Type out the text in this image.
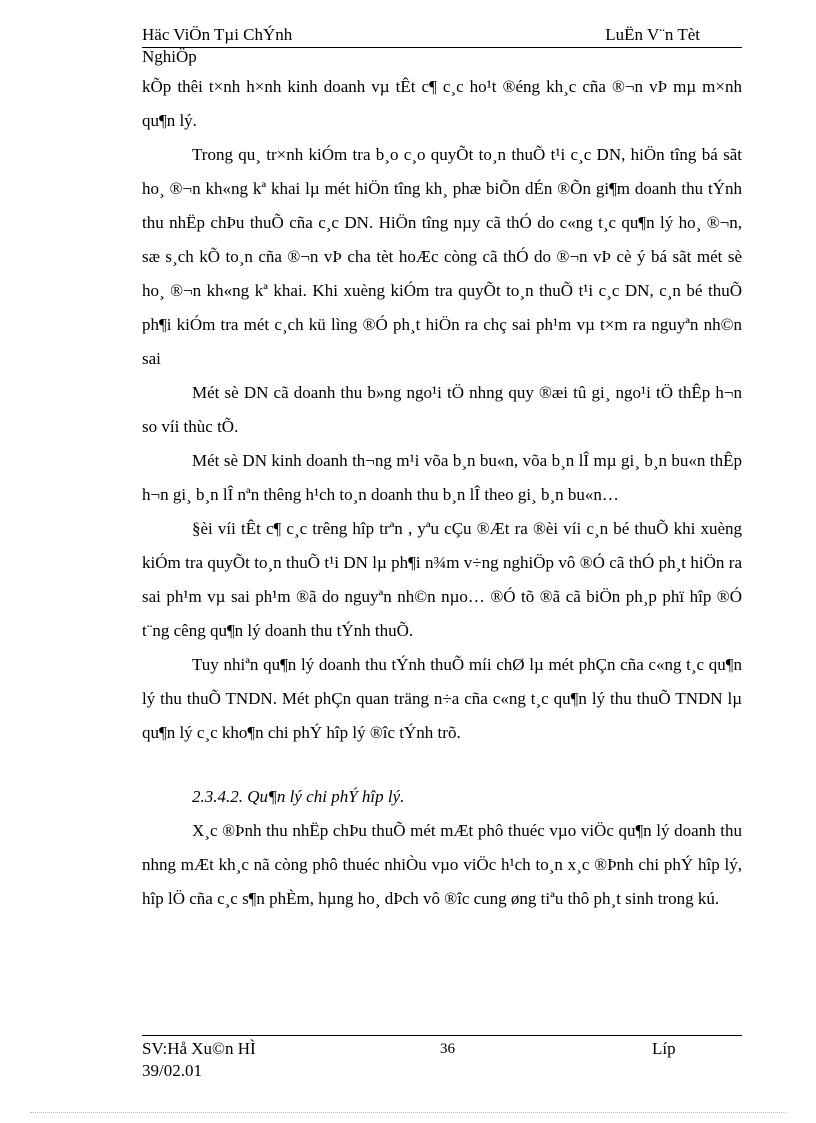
Häc ViÖn Tµi ChÝnh	LuËn V¨n Tèt
NghiÖp

kÕp thêi t×nh h×nh kinh doanh vµ tÊt c¶ c¸c ho¹t ®éng kh¸c cña ®¬n vÞ mµ m×nh qu¶n lý.

Trong qu¸ tr×nh kiÓm tra b¸o c¸o quyÕt to¸n thuÕ t¹i c¸c DN, hiÖn tîng bá sãt ho¸ ®¬n kh«ng kª khai lµ mét hiÖn tîng kh¸ phæ biÕn dÉn ®Õn gi¶m doanh thu tÝnh thu nhËp chÞu thuÕ cña c¸c DN. HiÖn tîng nµy cã thÓ do c«ng t¸c qu¶n lý ho¸ ®¬n, sæ s¸ch kÕ to¸n cña ®¬n vÞ cha tèt hoÆc còng cã thÓ do ®¬n vÞ cè ý bá sãt mét sè ho¸ ®¬n kh«ng kª khai. Khi xuèng kiÓm tra quyÕt to¸n thuÕ t¹i c¸c DN, c¸n bé thuÕ ph¶i kiÓm tra mét c¸ch kü lìng ®Ó ph¸t hiÖn ra chç sai ph¹m vµ t×m ra nguyªn nh©n sai

Mét sè DN cã doanh thu b»ng ngo¹i tÖ nhng quy ®æi tû gi¸ ngo¹i tÖ thÊp h¬n so víi thùc tÕ.

Mét sè DN kinh doanh th¬ng m¹i võa b¸n bu«n, võa b¸n lÎ mµ gi¸ b¸n bu«n thÊp h¬n gi¸ b¸n lÎ nªn thêng h¹ch to¸n doanh thu b¸n lÎ theo gi¸ b¸n bu«n…

§èi víi tÊt c¶ c¸c trêng hîp trªn , yªu cÇu ®Æt ra ®èi víi c¸n bé thuÕ khi xuèng kiÓm tra quyÕt to¸n thuÕ t¹i DN lµ ph¶i n¾m v÷ng nghiÖp vô ®Ó cã thÓ ph¸t hiÖn ra sai ph¹m vµ sai ph¹m ®ã do nguyªn nh©n nµo… ®Ó tõ ®ã cã biÖn ph¸p phï hîp ®Ó t¨ng cêng qu¶n lý doanh thu tÝnh thuÕ.

Tuy nhiªn qu¶n lý doanh thu tÝnh thuÕ míi chØ lµ mét phÇn cña c«ng t¸c qu¶n lý thu thuÕ TNDN. Mét phÇn quan träng n÷a cña c«ng t¸c qu¶n lý thu thuÕ TNDN lµ qu¶n lý c¸c kho¶n chi phÝ hîp lý ®îc tÝnh trõ.

2.3.4.2. Qu¶n lý chi phÝ hîp lý.

X¸c ®Þnh thu nhËp chÞu thuÕ mét mÆt phô thuéc vµo viÖc qu¶n lý doanh thu nhng mÆt kh¸c nã còng phô thuéc nhiÒu vµo viÖc h¹ch to¸n x¸c ®Þnh chi phÝ hîp lý, hîp lÖ cña c¸c s¶n phÈm, hµng ho¸ dÞch vô ®îc cung øng tiªu thô ph¸t sinh trong kú.

SV:Hå Xu©n HÌ
39/02.01
36	Líp
